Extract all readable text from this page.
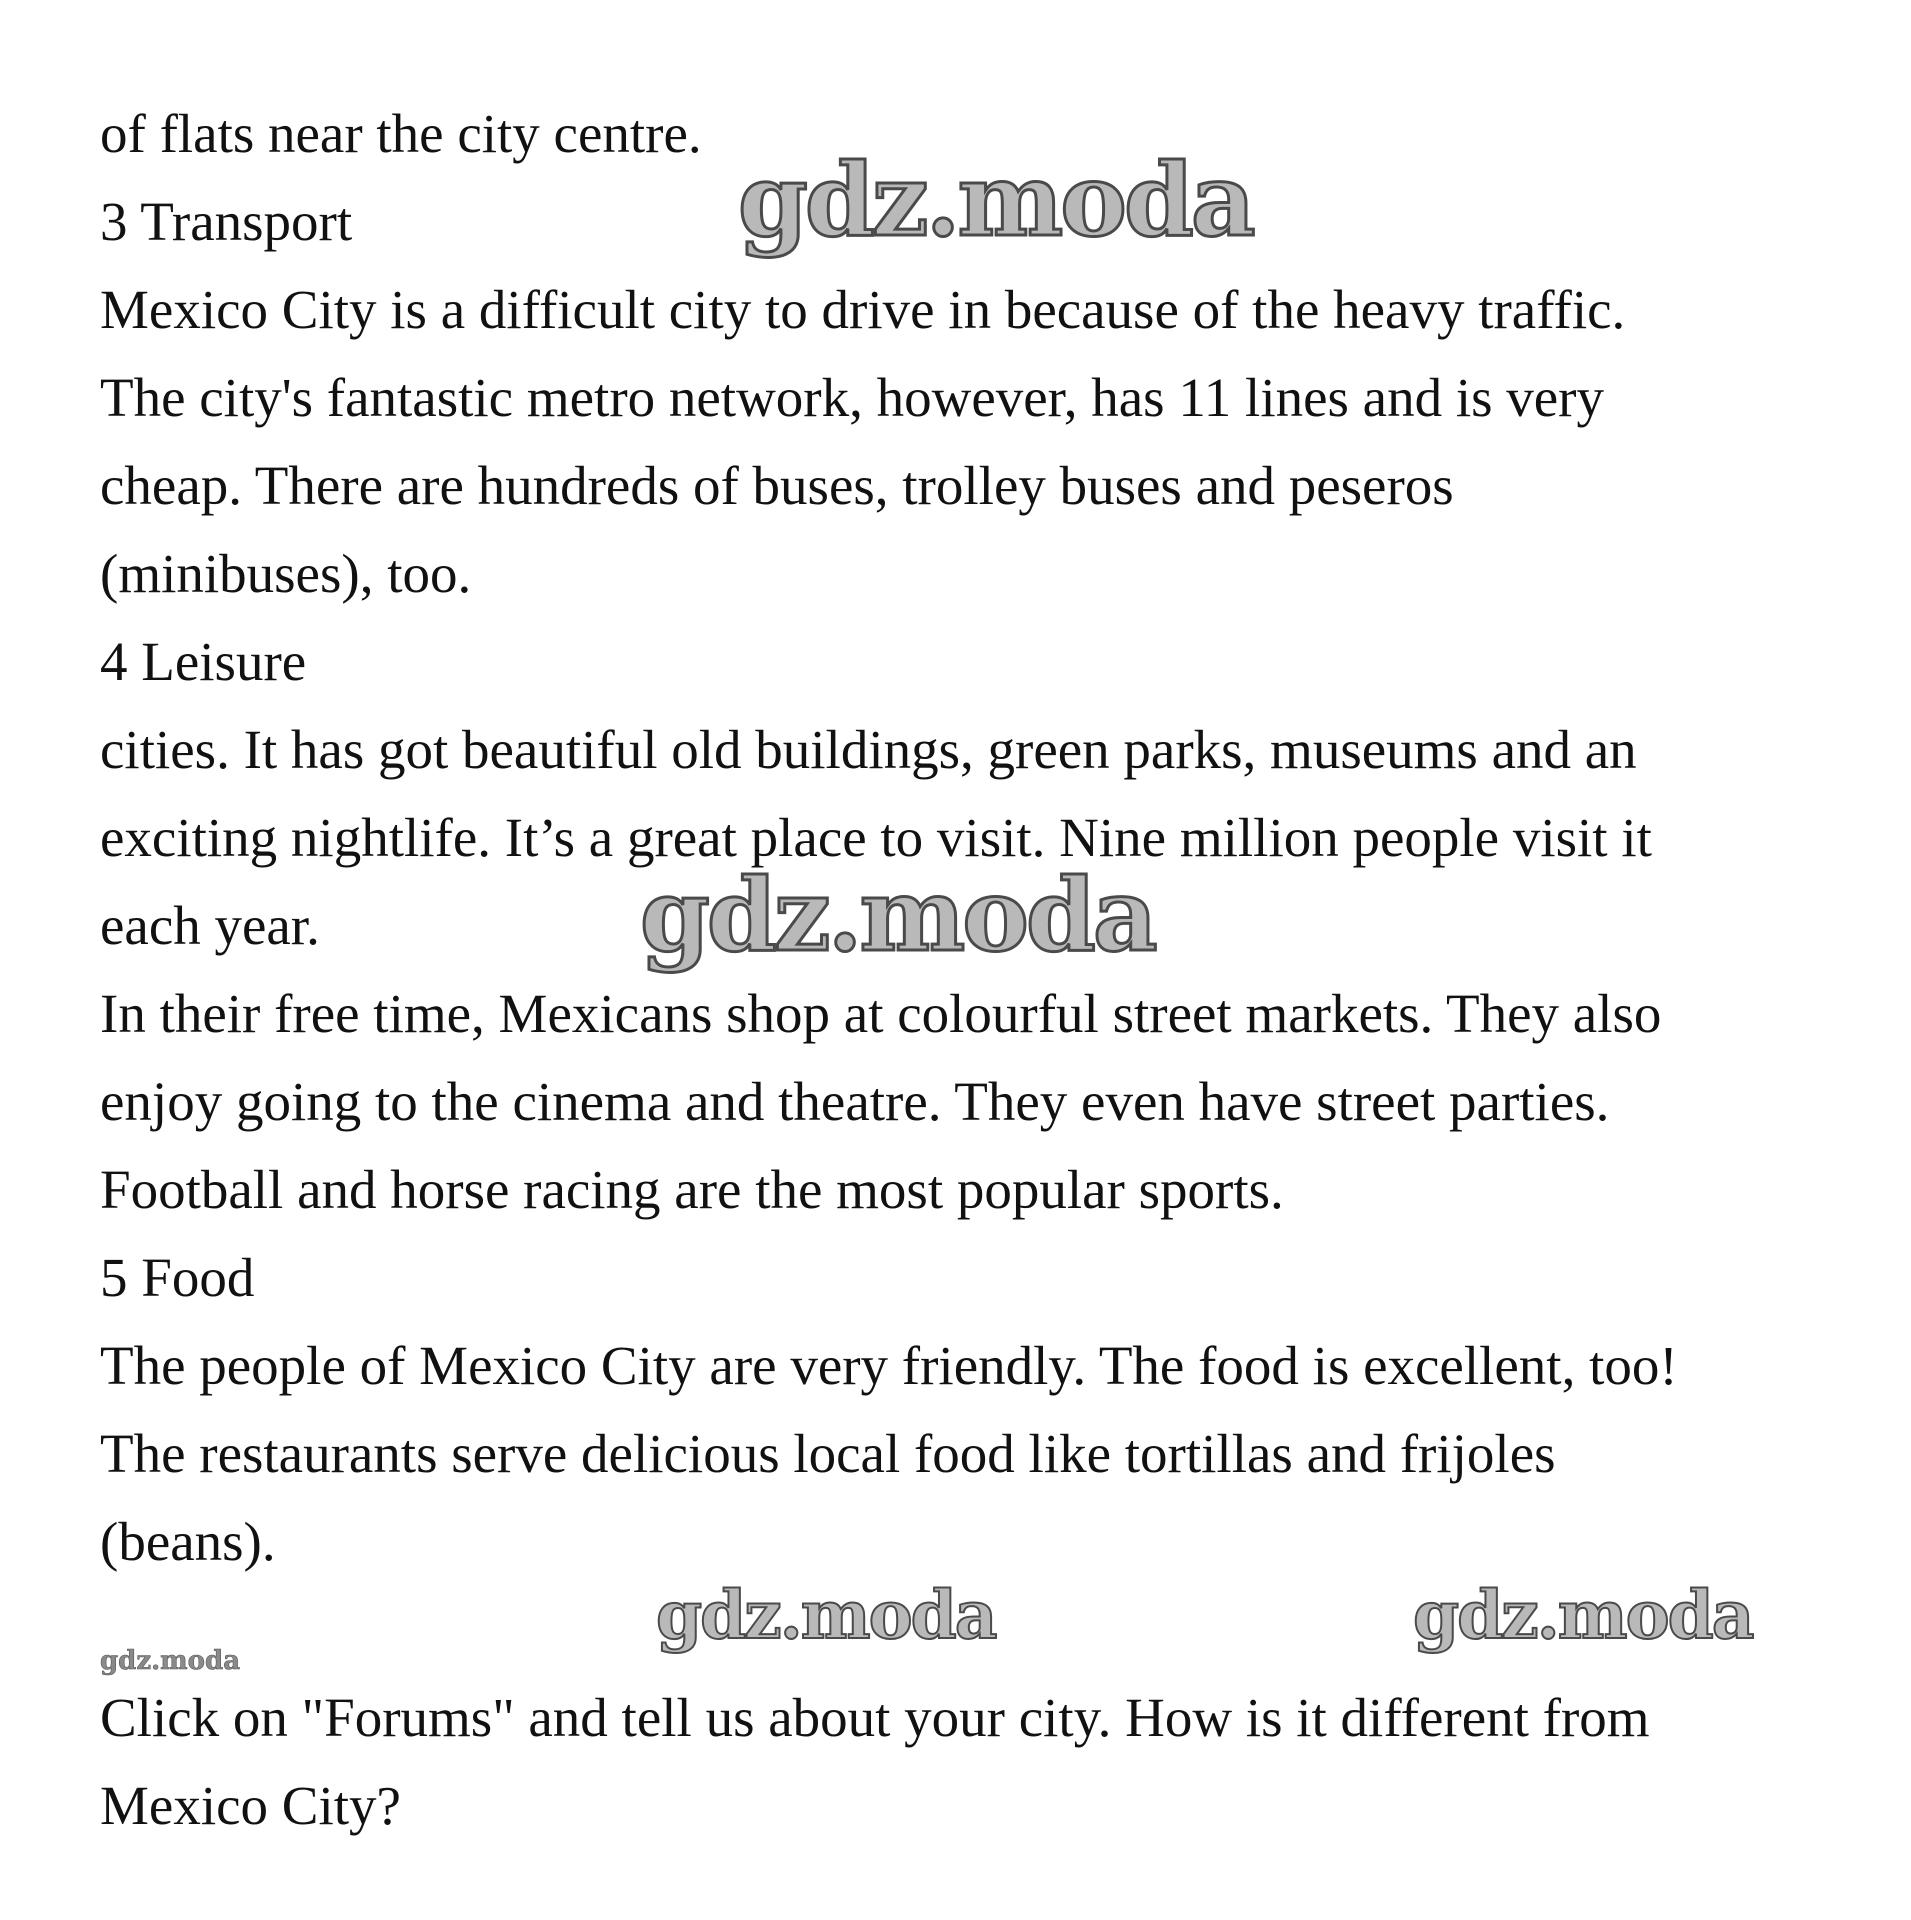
of flats near the city centre.
3 Transport
Mexico City is a difficult city to drive in because of the heavy traffic.
The city's fantastic metro network, however, has 11 lines and is very
cheap. There are hundreds of buses, trolley buses and peseros
(minibuses), too.
4 Leisure
cities. It has got beautiful old buildings, green parks, museums and an
exciting nightlife. It’s a great place to visit. Nine million people visit it
each year.
In their free time, Mexicans shop at colourful street markets. They also
enjoy going to the cinema and theatre. They even have street parties.
Football and horse racing are the most popular sports.
5 Food
The people of Mexico City are very friendly. The food is excellent, too!
The restaurants serve delicious local food like tortillas and frijoles
(beans).
Click on "Forums" and tell us about your city. How is it different from
Mexico City?
gdz.moda
gdz.moda
gdz.moda	gdz.moda
gdz.moda
